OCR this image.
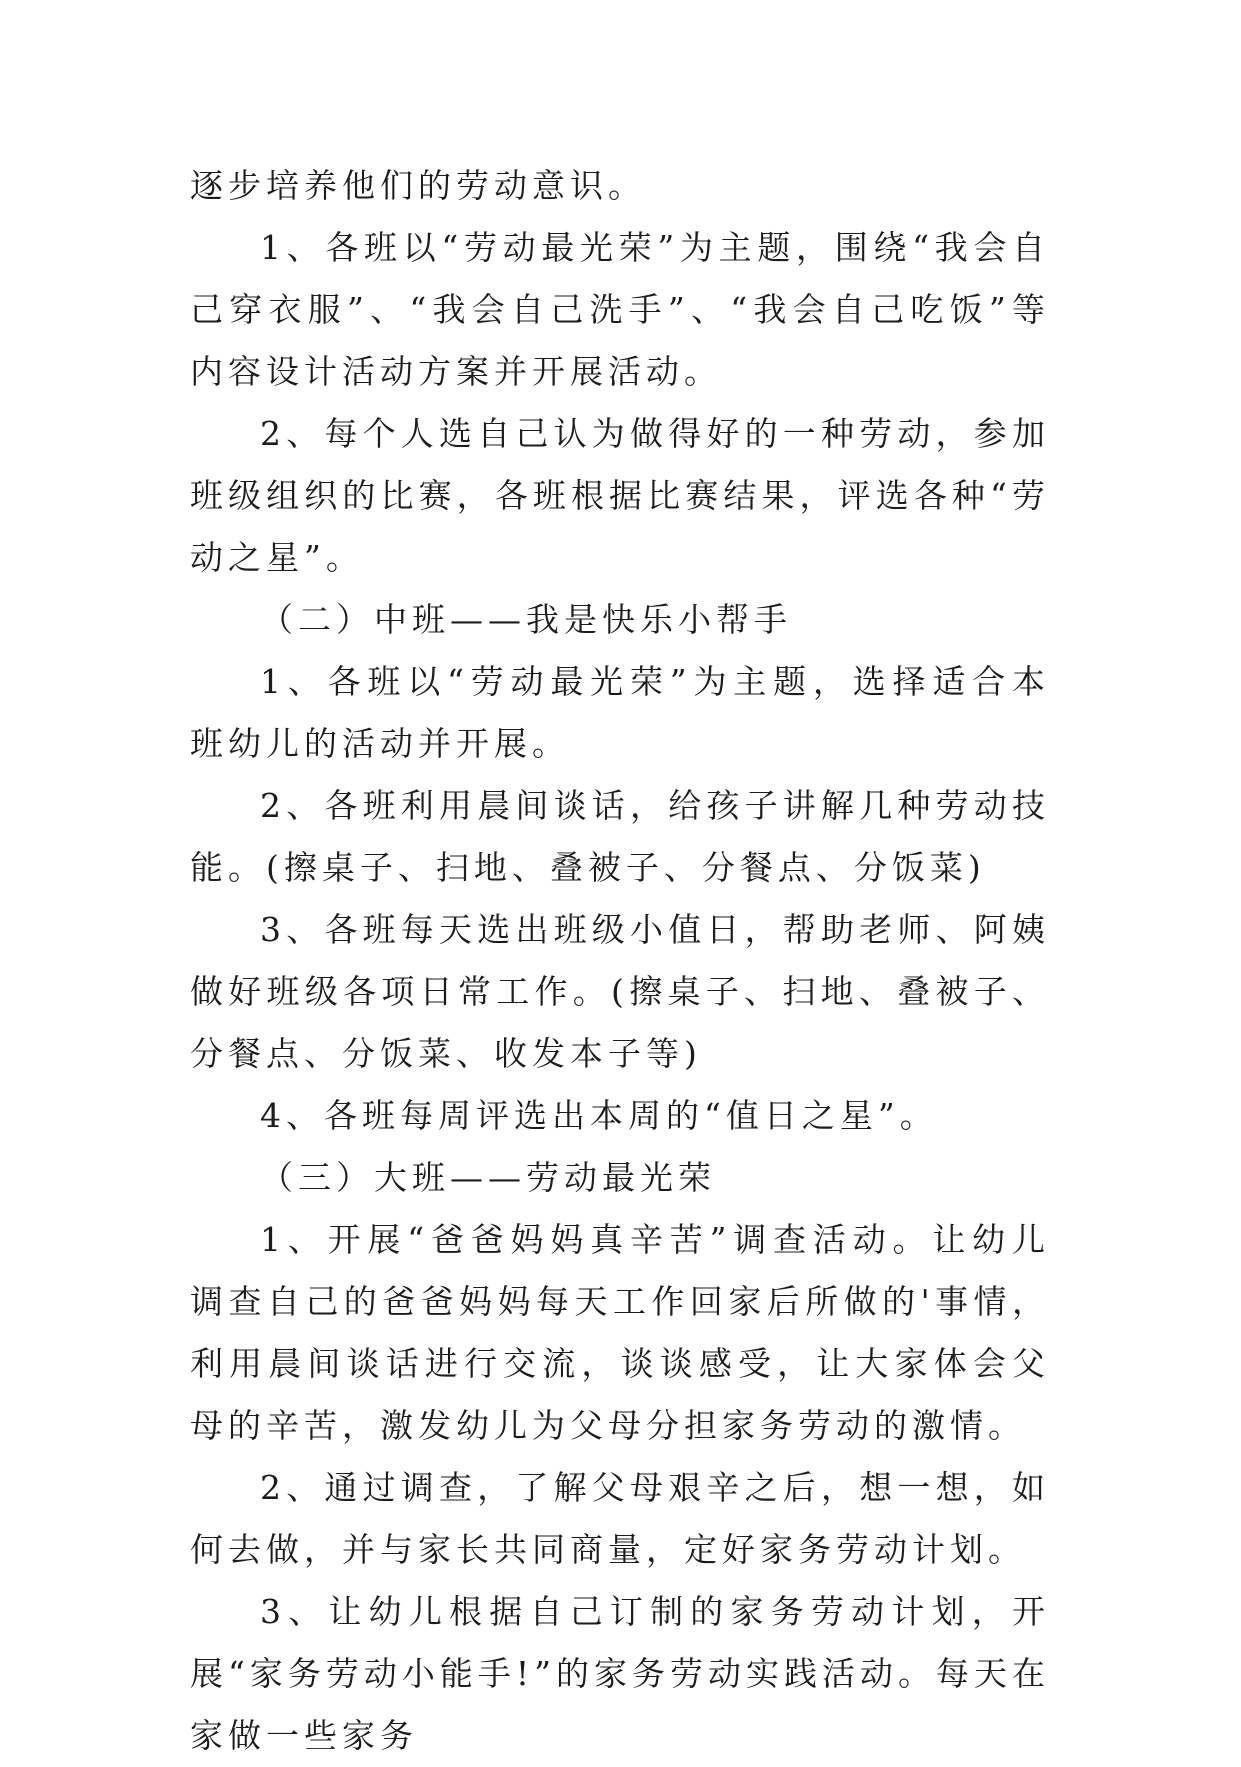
逐步培养他们的劳动意识。

1、各班以“劳动最光荣”为主题，围绕“我会自己穿衣服”、“我会自己洗手”、“我会自己吃饭”等内容设计活动方案并开展活动。

2、每个人选自己认为做得好的一种劳动，参加班级组织的比赛，各班根据比赛结果，评选各种“劳动之星”。

（二）中班——我是快乐小帮手

1、各班以“劳动最光荣”为主题，选择适合本班幼儿的活动并开展。

2、各班利用晨间谈话，给孩子讲解几种劳动技能。(擦桌子、扫地、叠被子、分餐点、分饭菜)

3、各班每天选出班级小值日，帮助老师、阿姨做好班级各项日常工作。(擦桌子、扫地、叠被子、分餐点、分饭菜、收发本子等)

4、各班每周评选出本周的“值日之星”。

（三）大班——劳动最光荣

1、开展“爸爸妈妈真辛苦”调查活动。让幼儿调查自己的爸爸妈妈每天工作回家后所做的'事情，利用晨间谈话进行交流，谈谈感受，让大家体会父母的辛苦，激发幼儿为父母分担家务劳动的激情。

2、通过调查，了解父母艰辛之后，想一想，如何去做，并与家长共同商量，定好家务劳动计划。

3、让幼儿根据自己订制的家务劳动计划，开展“家务劳动小能手!”的家务劳动实践活动。每天在家做一些家务
